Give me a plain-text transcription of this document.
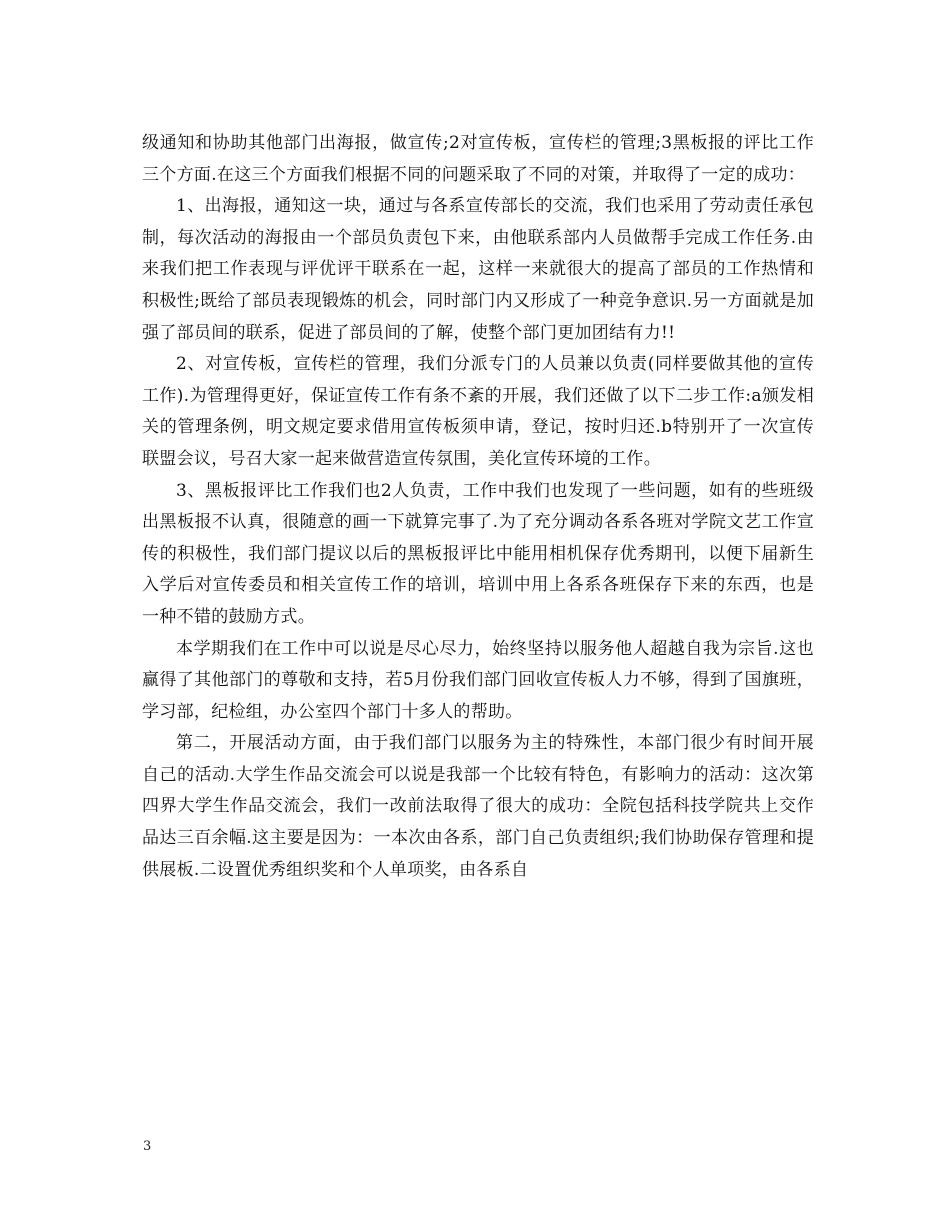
级通知和协助其他部门出海报，做宣传;2对宣传板，宣传栏的管理;3黑板报的评比工作三个方面.在这三个方面我们根据不同的问题采取了不同的对策，并取得了一定的成功：

1、出海报，通知这一块，通过与各系宣传部长的交流，我们也采用了劳动责任承包制，每次活动的海报由一个部员负责包下来，由他联系部内人员做帮手完成工作任务.由来我们把工作表现与评优评干联系在一起，这样一来就很大的提高了部员的工作热情和积极性;既给了部员表现锻炼的机会，同时部门内又形成了一种竞争意识.另一方面就是加强了部员间的联系，促进了部员间的了解，使整个部门更加团结有力!!

2、对宣传板，宣传栏的管理，我们分派专门的人员兼以负责(同样要做其他的宣传工作).为管理得更好，保证宣传工作有条不紊的开展，我们还做了以下二步工作:a颁发相关的管理条例，明文规定要求借用宣传板须申请，登记，按时归还.b特别开了一次宣传联盟会议，号召大家一起来做营造宣传氛围，美化宣传环境的工作。

3、黑板报评比工作我们也2人负责，工作中我们也发现了一些问题，如有的些班级出黑板报不认真，很随意的画一下就算完事了.为了充分调动各系各班对学院文艺工作宣传的积极性，我们部门提议以后的黑板报评比中能用相机保存优秀期刊，以便下届新生入学后对宣传委员和相关宣传工作的培训，培训中用上各系各班保存下来的东西，也是一种不错的鼓励方式。

本学期我们在工作中可以说是尽心尽力，始终坚持以服务他人超越自我为宗旨.这也赢得了其他部门的尊敬和支持，若5月份我们部门回收宣传板人力不够，得到了国旗班，学习部，纪检组，办公室四个部门十多人的帮助。

第二，开展活动方面，由于我们部门以服务为主的特殊性，本部门很少有时间开展自己的活动.大学生作品交流会可以说是我部一个比较有特色，有影响力的活动：这次第四界大学生作品交流会，我们一改前法取得了很大的成功：全院包括科技学院共上交作品达三百余幅.这主要是因为：一本次由各系，部门自己负责组织;我们协助保存管理和提供展板.二设置优秀组织奖和个人单项奖，由各系自

3
